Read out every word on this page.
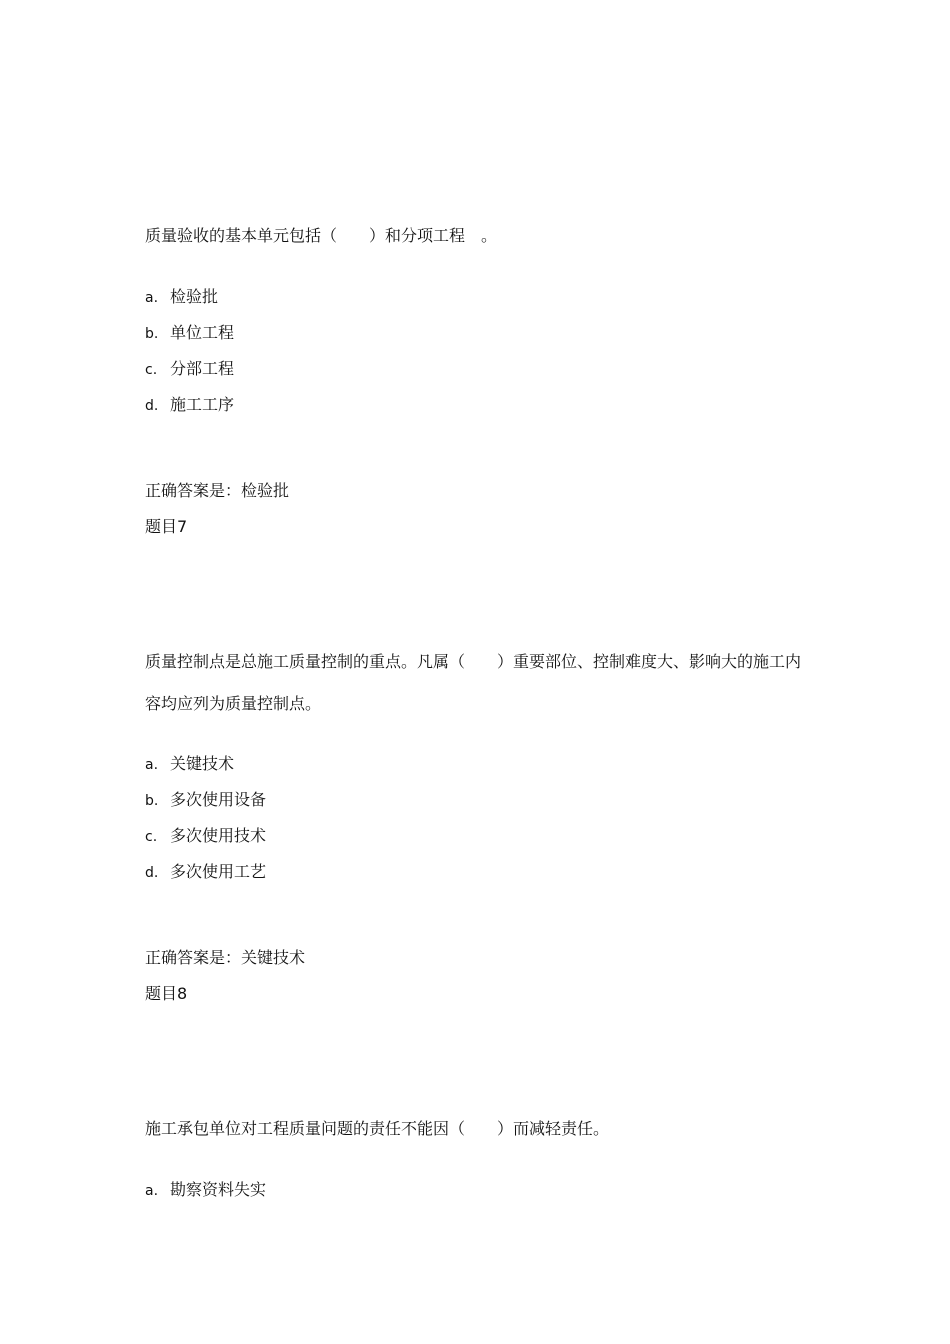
质量验收的基本单元包括（　　）和分项工程　。
a. 检验批
b. 单位工程
c. 分部工程
d. 施工工序
正确答案是：检验批
题目7
质量控制点是总施工质量控制的重点。凡属（　　）重要部位、控制难度大、影响大的施工内
容均应列为质量控制点。
a. 关键技术
b. 多次使用设备
c. 多次使用技术
d. 多次使用工艺
正确答案是：关键技术
题目8
施工承包单位对工程质量问题的责任不能因（　　）而减轻责任。
a. 勘察资料失实
